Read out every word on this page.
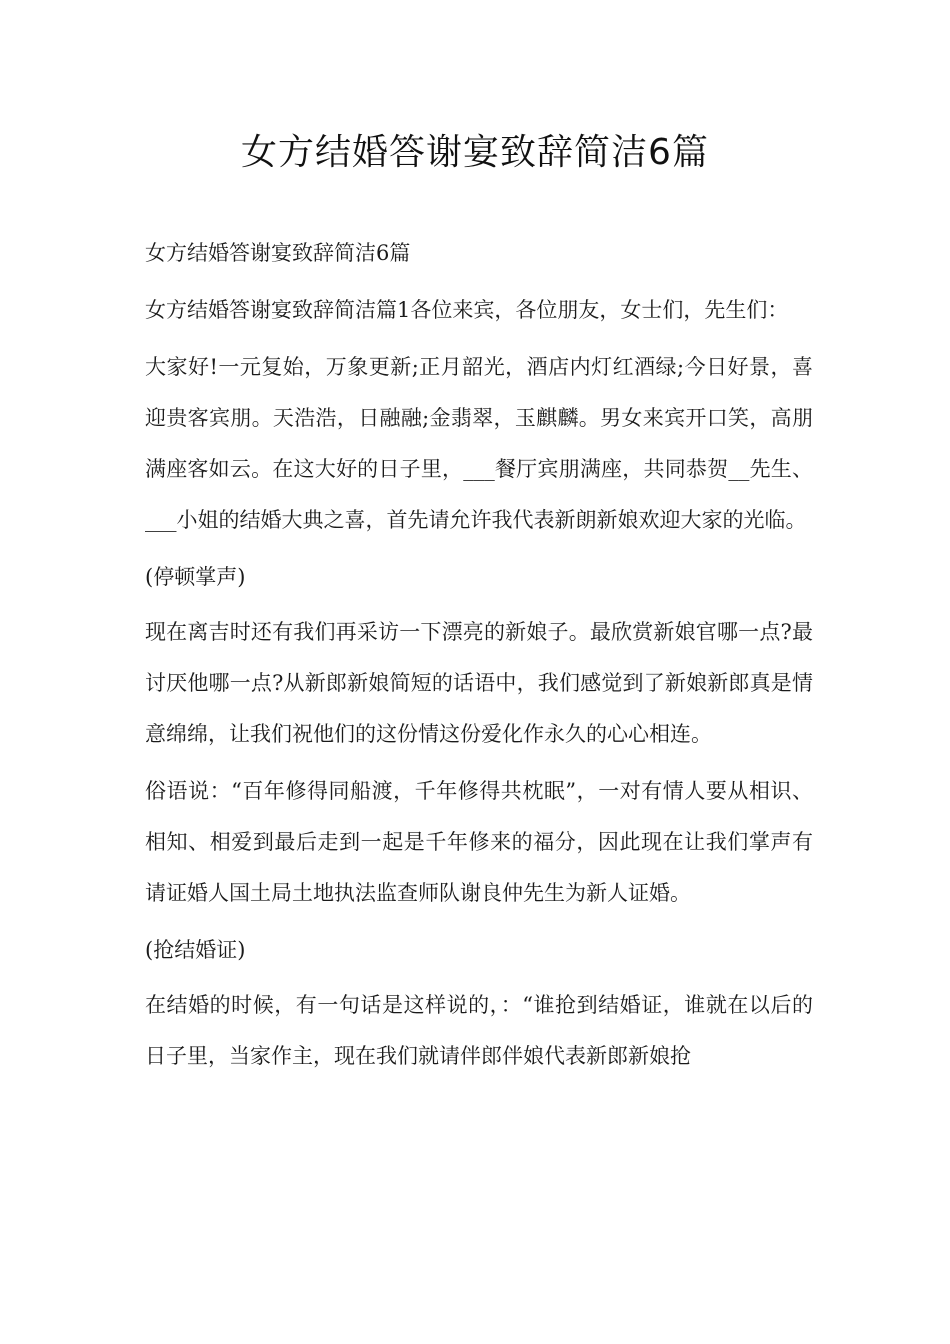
女方结婚答谢宴致辞简洁6篇

女方结婚答谢宴致辞简洁6篇

女方结婚答谢宴致辞简洁篇1各位来宾，各位朋友，女士们，先生们：

大家好!一元复始，万象更新;正月韶光，酒店内灯红酒绿;今日好景，喜迎贵客宾朋。天浩浩，日融融;金翡翠，玉麒麟。男女来宾开口笑，高朋满座客如云。在这大好的日子里，___餐厅宾朋满座，共同恭贺__先生、___小姐的结婚大典之喜，首先请允许我代表新朗新娘欢迎大家的光临。

(停顿掌声)

现在离吉时还有我们再采访一下漂亮的新娘子。最欣赏新娘官哪一点?最讨厌他哪一点?从新郎新娘简短的话语中，我们感觉到了新娘新郎真是情意绵绵，让我们祝他们的这份情这份爱化作永久的心心相连。

俗语说：“百年修得同船渡，千年修得共枕眠”，一对有情人要从相识、相知、相爱到最后走到一起是千年修来的福分，因此现在让我们掌声有请证婚人国土局土地执法监查师队谢良仲先生为新人证婚。

(抢结婚证)

在结婚的时候，有一句话是这样说的，：“谁抢到结婚证，谁就在以后的日子里，当家作主，现在我们就请伴郎伴娘代表新郎新娘抢
